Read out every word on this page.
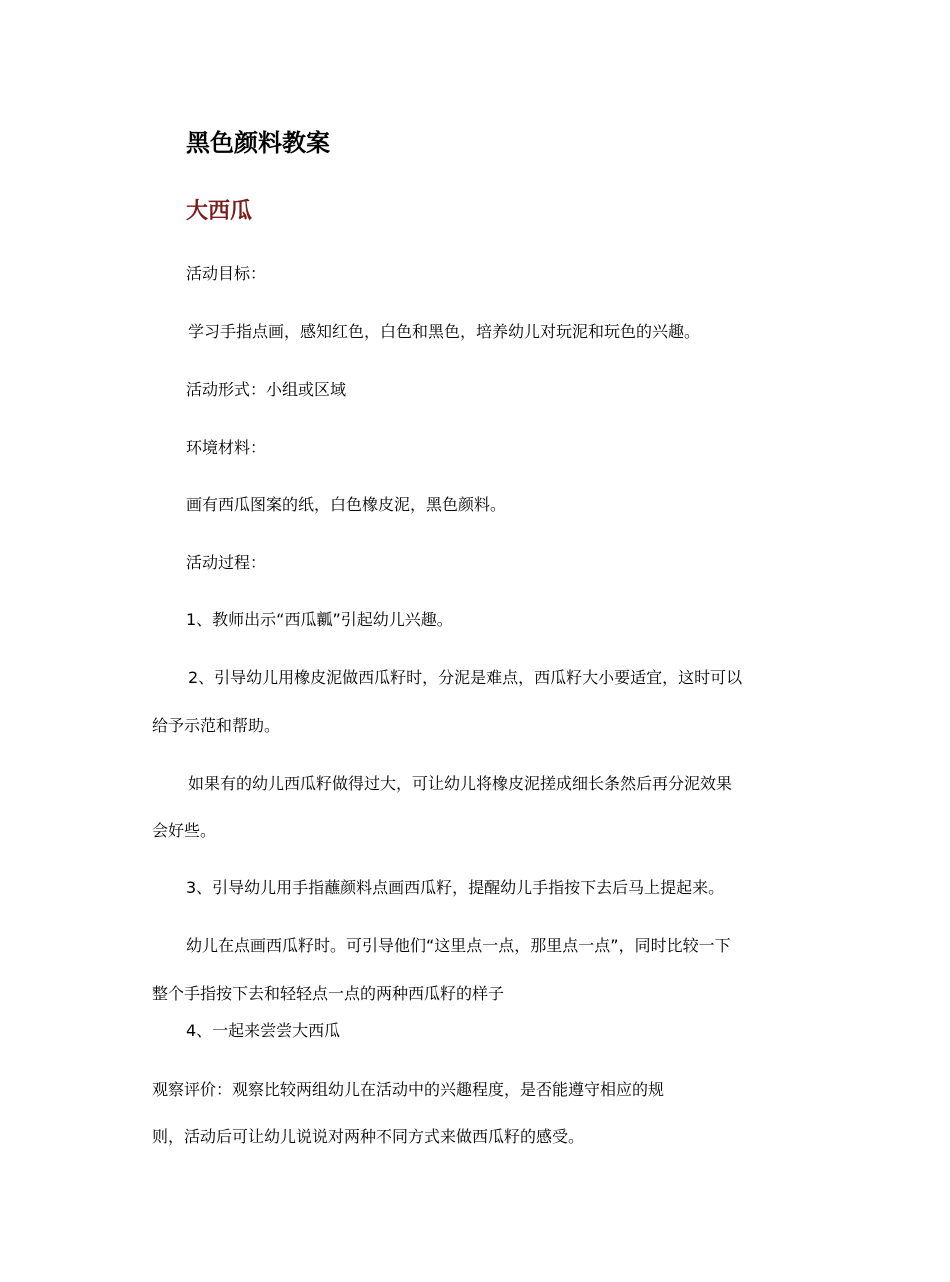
黑色颜料教案
大西瓜
活动目标：
学习手指点画，感知红色，白色和黑色，培养幼儿对玩泥和玩色的兴趣。
活动形式：小组或区域
环境材料：
画有西瓜图案的纸，白色橡皮泥，黑色颜料。
活动过程：
1、教师出示“西瓜瓤”引起幼儿兴趣。
2、引导幼儿用橡皮泥做西瓜籽时，分泥是难点，西瓜籽大小要适宜，这时可以
给予示范和帮助。
如果有的幼儿西瓜籽做得过大，可让幼儿将橡皮泥搓成细长条然后再分泥效果
会好些。
3、引导幼儿用手指蘸颜料点画西瓜籽，提醒幼儿手指按下去后马上提起来。
幼儿在点画西瓜籽时。可引导他们“这里点一点，那里点一点”，同时比较一下
整个手指按下去和轻轻点一点的两种西瓜籽的样子
4、一起来尝尝大西瓜
观察评价：观察比较两组幼儿在活动中的兴趣程度，是否能遵守相应的规
则，活动后可让幼儿说说对两种不同方式来做西瓜籽的感受。
